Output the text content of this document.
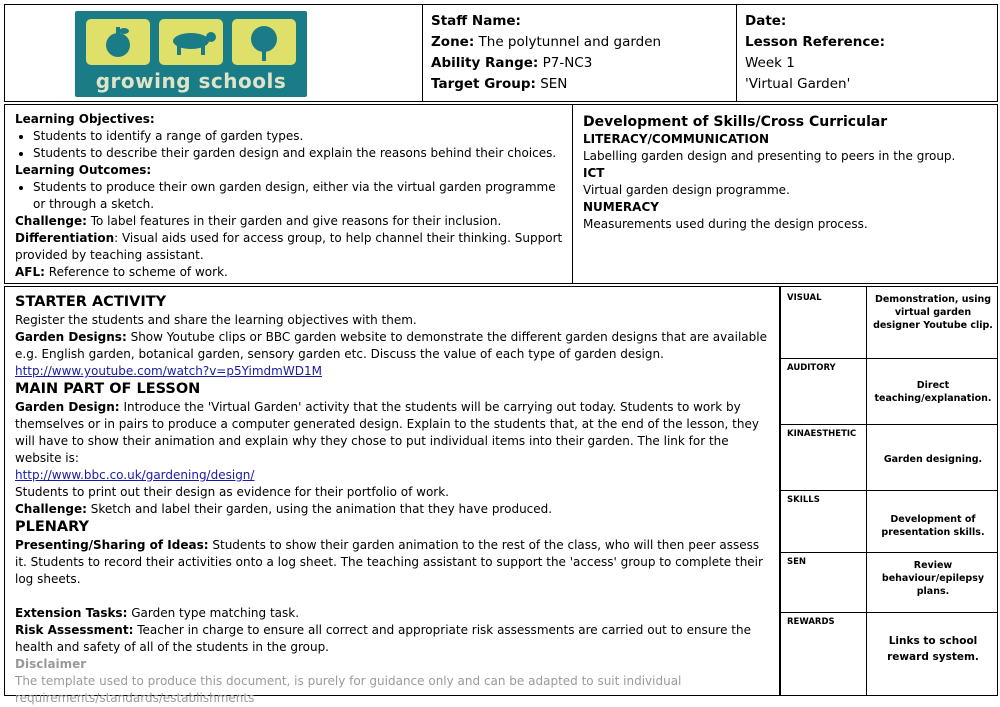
growing schools
Staff Name:
Zone: The polytunnel and garden
Ability Range: P7-NC3
Target Group: SEN
Date:
Lesson Reference:
Week 1
'Virtual Garden'

Learning Objectives:

• Students to identify a range of garden types.
• Students to describe their garden design and explain the reasons behind their choices.

Learning Outcomes:

• Students to produce their own garden design, either via the virtual garden programme or through a sketch.

Challenge: To label features in their garden and give reasons for their inclusion.

Differentiation: Visual aids used for access group, to help channel their thinking. Support provided by teaching assistant.

AFL: Reference to scheme of work.

Development of Skills/Cross Curricular

LITERACY/COMMUNICATION

Labelling garden design and presenting to peers in the group.

ICT

Virtual garden design programme.

NUMERACY

Measurements used during the design process.

STARTER ACTIVITY

Register the students and share the learning objectives with them.

Garden Designs: Show Youtube clips or BBC garden website to demonstrate the different garden designs that are available e.g. English garden, botanical garden, sensory garden etc. Discuss the value of each type of garden design.

http://www.youtube.com/watch?v=p5YimdmWD1M

MAIN PART OF LESSON

Garden Design: Introduce the 'Virtual Garden' activity that the students will be carrying out today. Students to work by themselves or in pairs to produce a computer generated design. Explain to the students that, at the end of the lesson, they will have to show their animation and explain why they chose to put individual items into their garden. The link for the website is:

http://www.bbc.co.uk/gardening/design/

Students to print out their design as evidence for their portfolio of work.

Challenge: Sketch and label their garden, using the animation that they have produced.

PLENARY

Presenting/Sharing of Ideas: Students to show their garden animation to the rest of the class, who will then peer assess it. Students to record their activities onto a log sheet. The teaching assistant to support the 'access' group to complete their log sheets.

Extension Tasks: Garden type matching task.

Risk Assessment: Teacher in charge to ensure all correct and appropriate risk assessments are carried out to ensure the health and safety of all of the students in the group.

Disclaimer

The template used to produce this document, is purely for guidance only and can be adapted to suit individual requirements/standards/establishments

VISUAL	Demonstration, using virtual garden designer Youtube clip.
AUDITORY
Direct teaching/explanation.
KINAESTHETIC
Garden designing.
SKILLS
Development of presentation skills.
SEN	Review behaviour/epilepsy plans.
REWARDS
Links to school reward system.
